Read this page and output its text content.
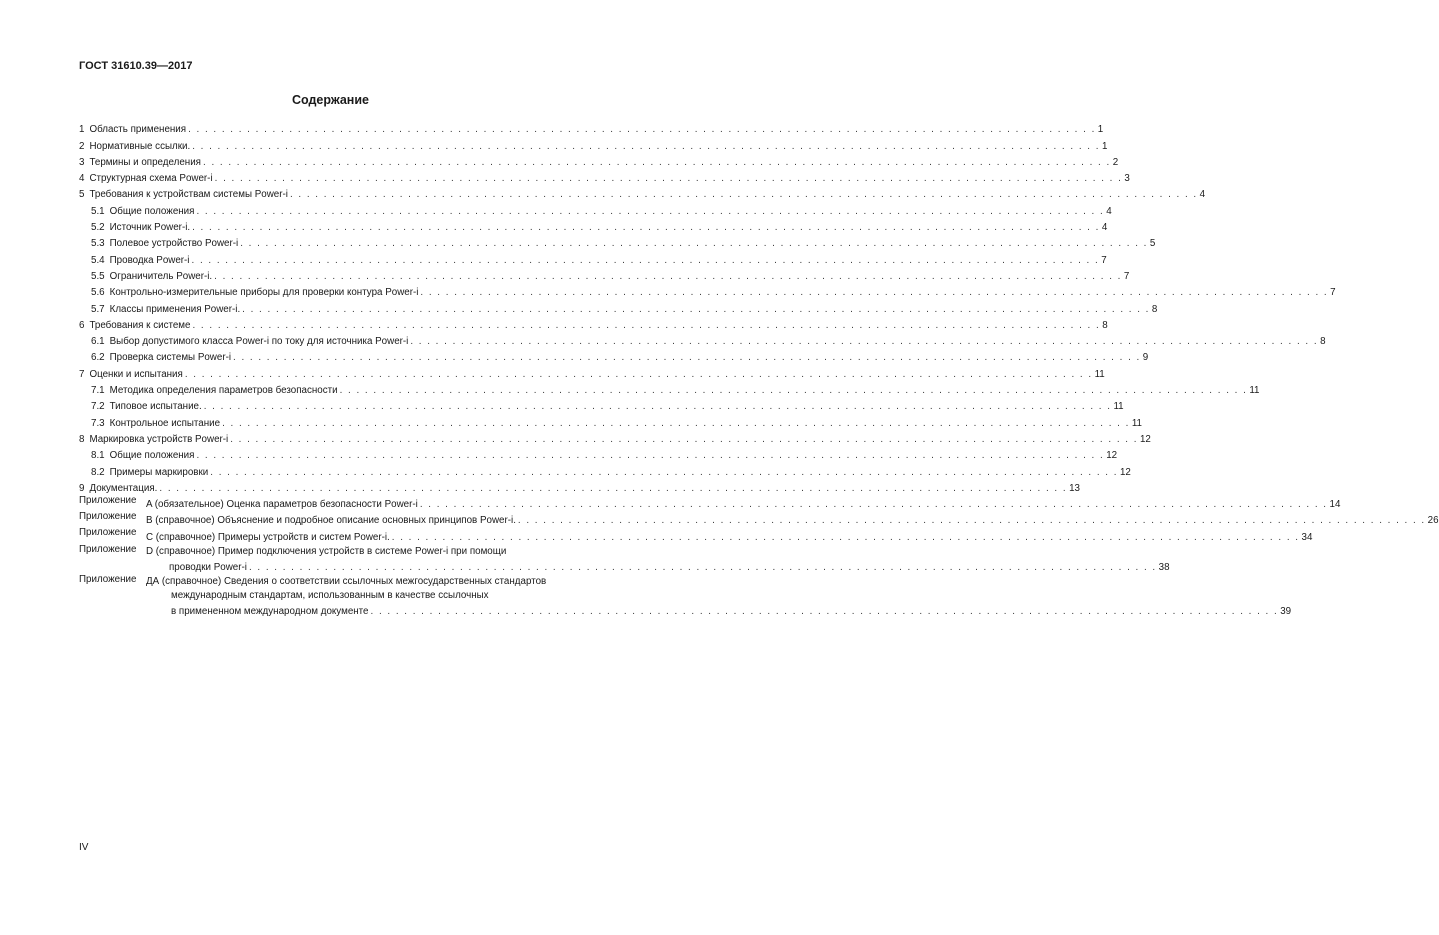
ГОСТ 31610.39—2017
Содержание
1 Область применения . . .	1
2 Нормативные ссылки. . . .	1
3 Термины и определения . . .	2
4 Структурная схема Power-i . . .	3
5 Требования к устройствам системы Power-i . . .	4
5.1 Общие положения . . .	4
5.2 Источник Power-i. . . .	4
5.3 Полевое устройство Power-i . . .	5
5.4 Проводка Power-i . . .	7
5.5 Ограничитель Power-i. . . .	7
5.6 Контрольно-измерительные приборы для проверки контура Power-i . . .	7
5.7 Классы применения Power-i. . . .	8
6 Требования к системе . . .	8
6.1 Выбор допустимого класса Power-i по току для источника Power-i . . .	8
6.2 Проверка системы Power-i . . .	9
7 Оценки и испытания . . .	11
7.1 Методика определения параметров безопасности . . .	11
7.2 Типовое испытание. . . .	11
7.3 Контрольное испытание . . .	11
8 Маркировка устройств Power-i . . .	12
8.1 Общие положения . . .	12
8.2 Примеры маркировки . . .	12
9 Документация. . . .	13
Приложение A (обязательное) Оценка параметров безопасности Power-i . . .	14
Приложение B (справочное) Объяснение и подробное описание основных принципов Power-i. . . .	26
Приложение C (справочное) Примеры устройств и систем Power-i. . . .	34
Приложение D (справочное) Пример подключения устройств в системе Power-i при помощи
проводки Power-i . . .	38
Приложение ДА (справочное) Сведения о соответствии ссылочных межгосударственных стандартов
международным стандартам, использованным в качестве ссылочных
в примененном международном документе . . .	39
IV
